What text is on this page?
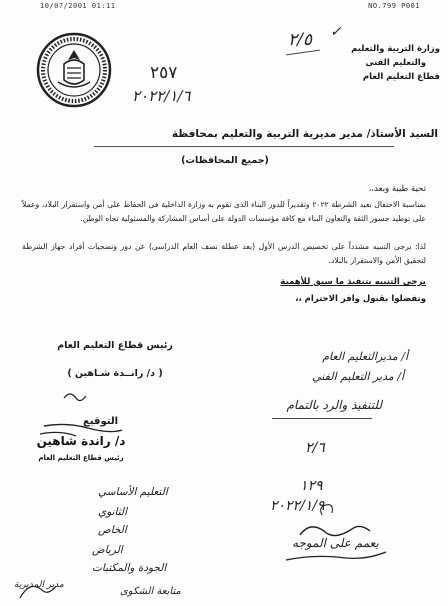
10/07/2001 01:11	NO.799 P001
وزارة التربية والتعليم
والتعليم الفنى
قطاع التعليم العام
٢/٥ ✓
٢٥٧
٢٠٢٢/١/٦
السيد الأستاذ/ مدير مديرية التربية والتعليم بمحافظة
(جميع المحافظات)
تحية طيبة وبعد،،
بمناسبة الاحتفال بعيد الشرطة ٢٠٢٢ وتقديراً للدور البناء الذى تقوم به وزارة الداخلية فى الحفاظ على أمن واستقرار البلاد، وعملاً على توطيد جسور الثقة والتعاون البناء مع كافة مؤسسات الدولة على أساس المشاركة والمسئولية تجاه الوطن.
لذا: يرجى التنبيه مشدداً على تخصيص الدرس الأول (بعد عطلة نصف العام الدراسى) عن دور وتضحيات أفراد جهاز الشرطة لتحقيق الأمن والاستقرار بالبلاد.
يرجى التنبيه بتنفيذ ما سبق للأهمية
وتفضلوا بقبول وافر الاحترام ،،
رئيس قطاع التعليم العام
( د/ رانــدة شـاهين )
التوقيع
د/ راندة شاهين
رئيس قطاع التعليم العام
أ/ مديرالتعليم العام
أ/ مدير التعليم الفني
للتنفيذ والرد بالتمام
٢/٦
١٢٩
٢٠٢٢/١/٩
التعليم الأساسي
الثانوي
الخاص
الرياض
الجودة والمكتبات
يعمم على الموجه
متابعة الشكوى
مدير المديرية
